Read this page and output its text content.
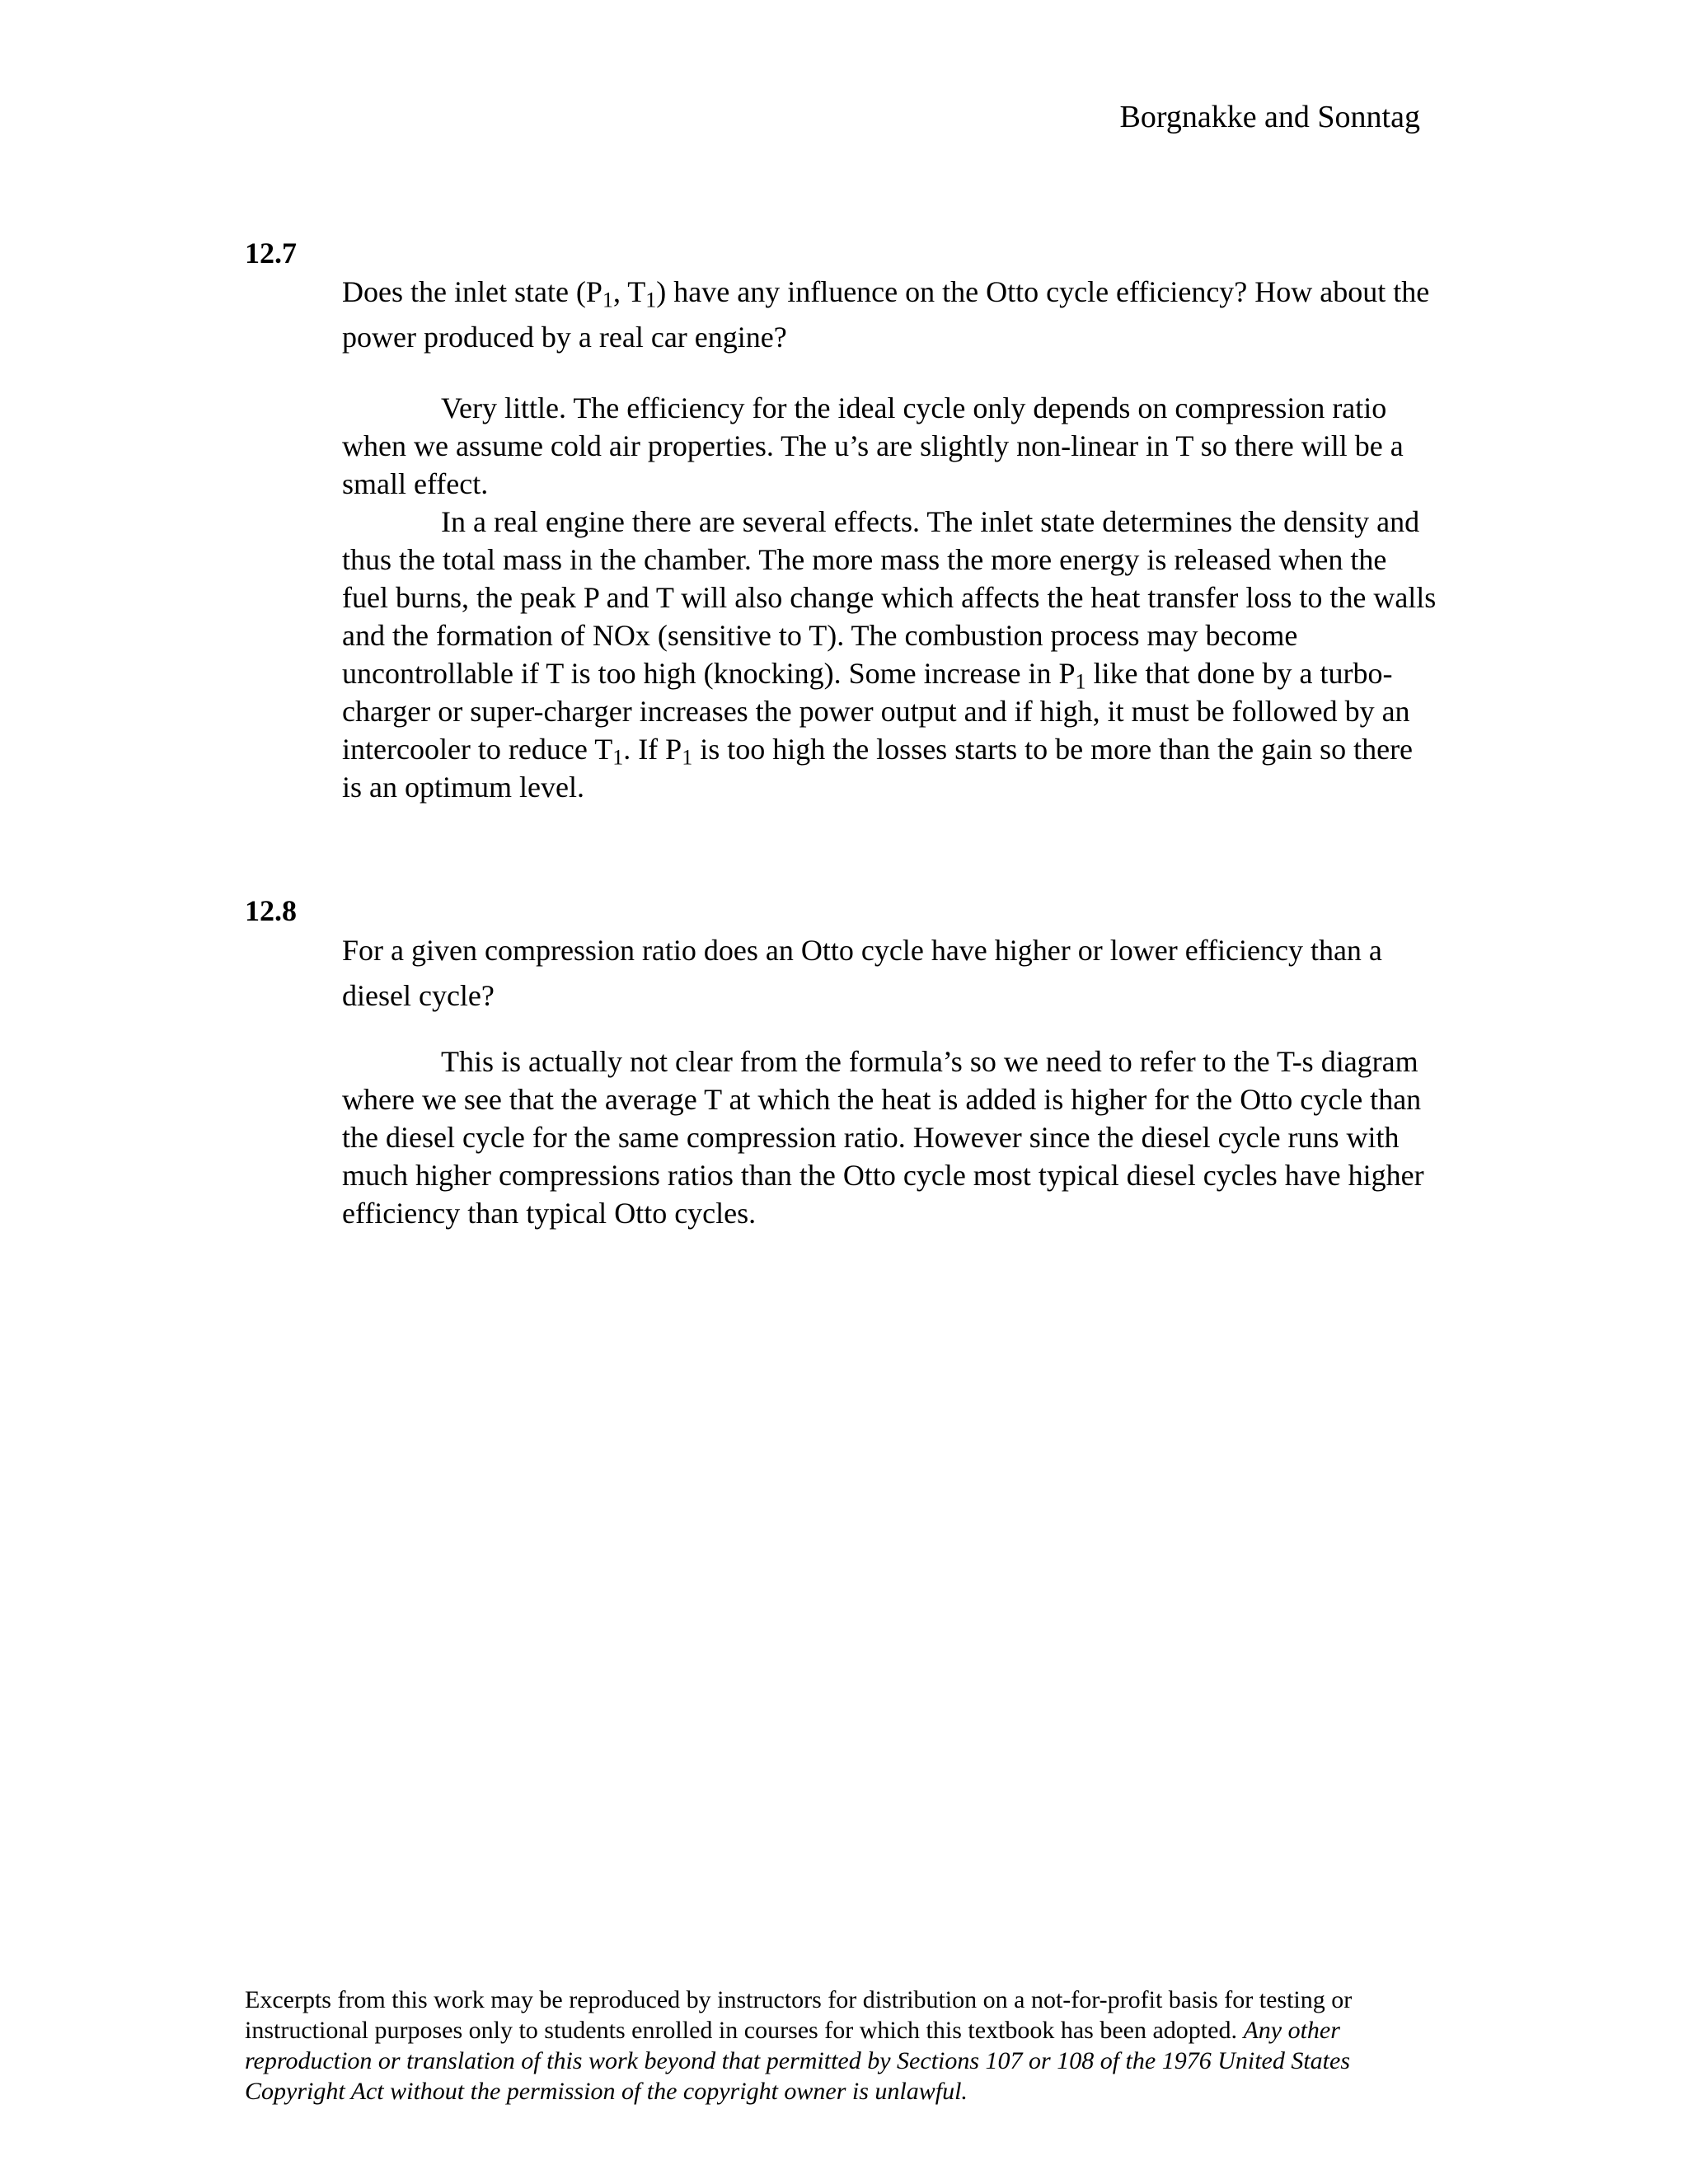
Borgnakke and Sonntag
12.7

Does the inlet state ($P_1$, $T_1$) have any influence on the Otto cycle efficiency? How about the power produced by a real car engine?

Very little. The efficiency for the ideal cycle only depends on compression ratio when we assume cold air properties. The u’s are slightly non-linear in T so there will be a small effect.

In a real engine there are several effects. The inlet state determines the density and thus the total mass in the chamber. The more mass the more energy is released when the fuel burns, the peak P and T will also change which affects the heat transfer loss to the walls and the formation of NOx (sensitive to T). The combustion process may become uncontrollable if T is too high (knocking). Some increase in $P_1$ like that done by a turbo-charger or super-charger increases the power output and if high, it must be followed by an intercooler to reduce $T_1$. If $P_1$ is too high the losses starts to be more than the gain so there is an optimum level.

12.8

For a given compression ratio does an Otto cycle have higher or lower efficiency than a diesel cycle?

This is actually not clear from the formula’s so we need to refer to the T-s diagram where we see that the average T at which the heat is added is higher for the Otto cycle than the diesel cycle for the same compression ratio. However since the diesel cycle runs with much higher compressions ratios than the Otto cycle most typical diesel cycles have higher efficiency than typical Otto cycles.

Excerpts from this work may be reproduced by instructors for distribution on a not-for-profit basis for testing or instructional purposes only to students enrolled in courses for which this textbook has been adopted. Any other reproduction or translation of this work beyond that permitted by Sections 107 or 108 of the 1976 United States Copyright Act without the permission of the copyright owner is unlawful.
